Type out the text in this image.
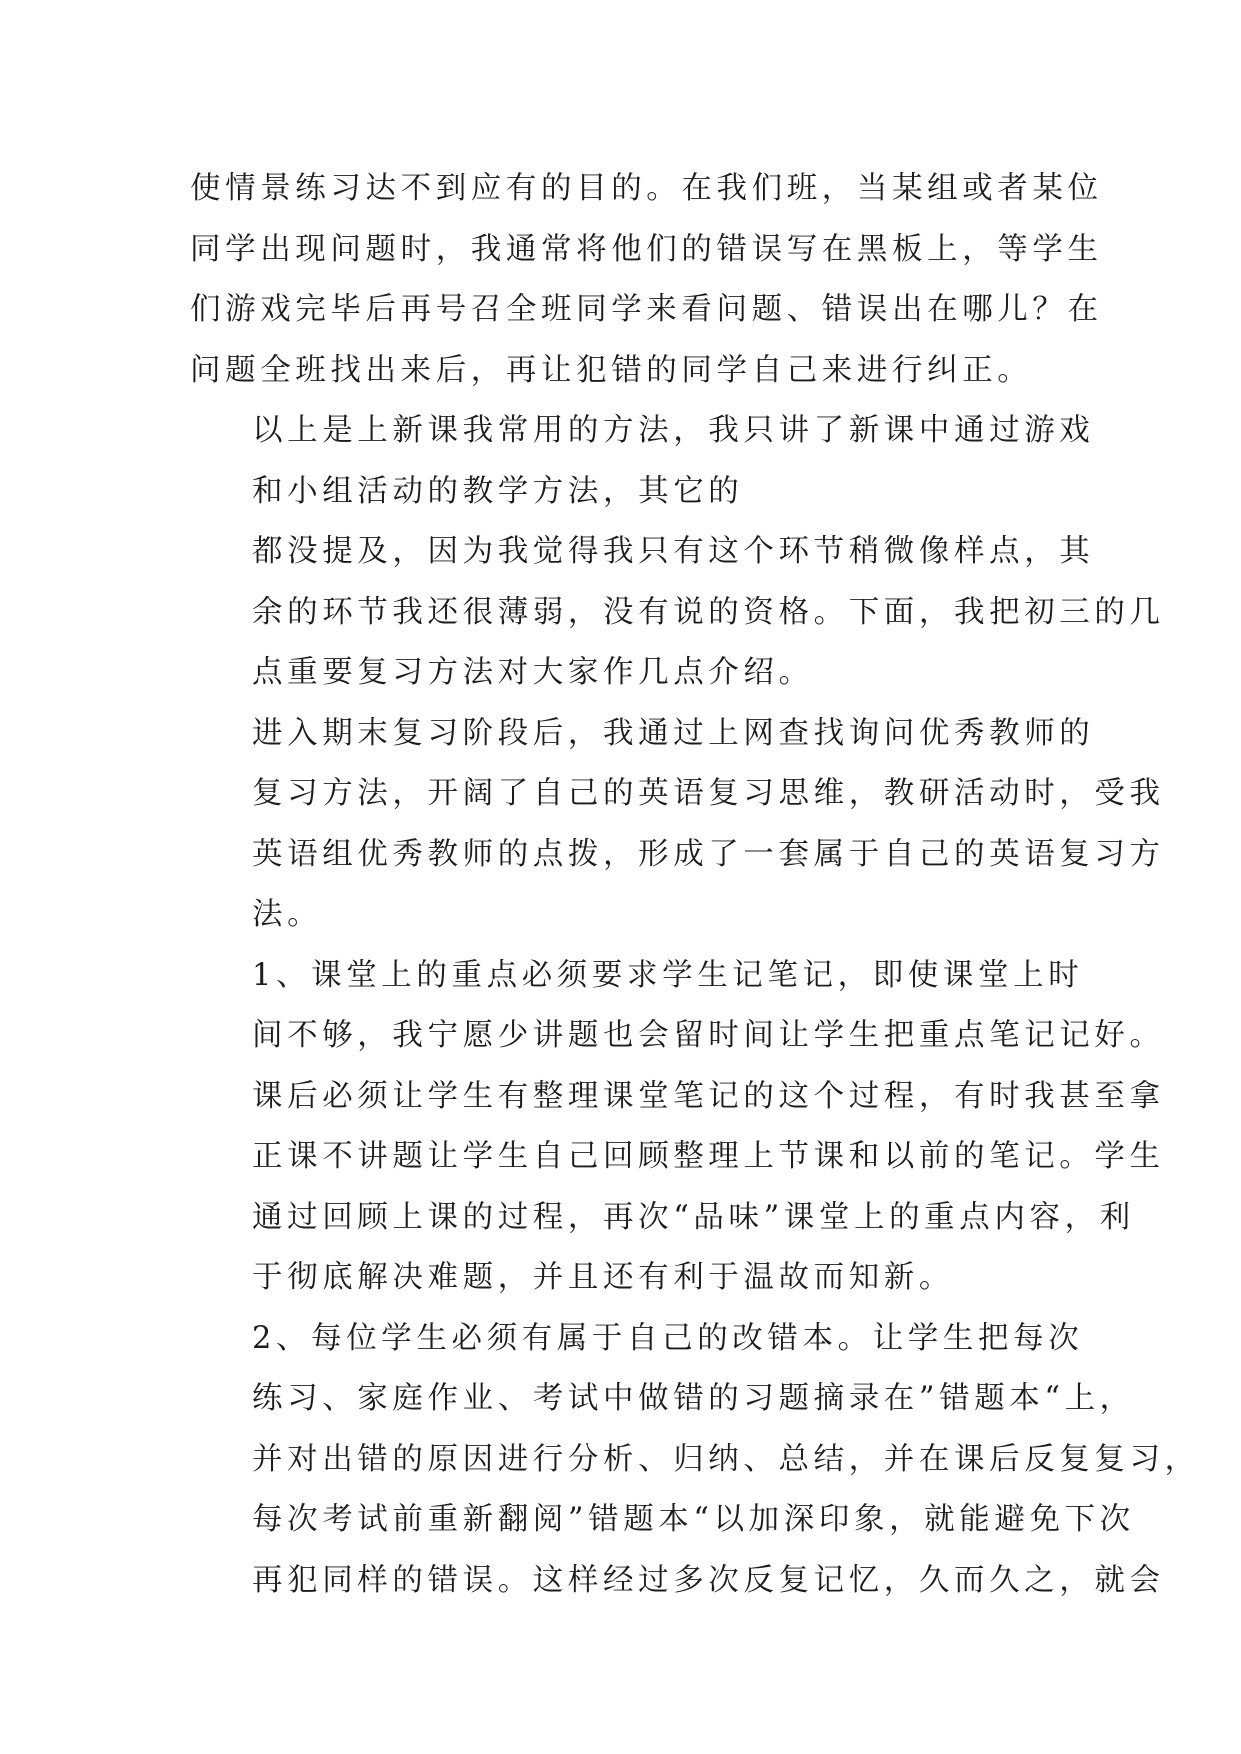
使情景练习达不到应有的目的。在我们班，当某组或者某位
同学出现问题时，我通常将他们的错误写在黑板上，等学生
们游戏完毕后再号召全班同学来看问题、错误出在哪儿？在
问题全班找出来后，再让犯错的同学自己来进行纠正。

以上是上新课我常用的方法，我只讲了新课中通过游戏
和小组活动的教学方法，其它的

都没提及，因为我觉得我只有这个环节稍微像样点，其
余的环节我还很薄弱，没有说的资格。下面，我把初三的几
点重要复习方法对大家作几点介绍。

进入期末复习阶段后，我通过上网查找询问优秀教师的
复习方法，开阔了自己的英语复习思维，教研活动时，受我
英语组优秀教师的点拨，形成了一套属于自己的英语复习方
法。

1、课堂上的重点必须要求学生记笔记，即使课堂上时
间不够，我宁愿少讲题也会留时间让学生把重点笔记记好。
课后必须让学生有整理课堂笔记的这个过程，有时我甚至拿
正课不讲题让学生自己回顾整理上节课和以前的笔记。学生
通过回顾上课的过程，再次“品味”课堂上的重点内容，利
于彻底解决难题，并且还有利于温故而知新。

2、每位学生必须有属于自己的改错本。让学生把每次
练习、家庭作业、考试中做错的习题摘录在”错题本“上，
并对出错的原因进行分析、归纳、总结，并在课后反复复习，
每次考试前重新翻阅”错题本“以加深印象，就能避免下次
再犯同样的错误。这样经过多次反复记忆，久而久之，就会
